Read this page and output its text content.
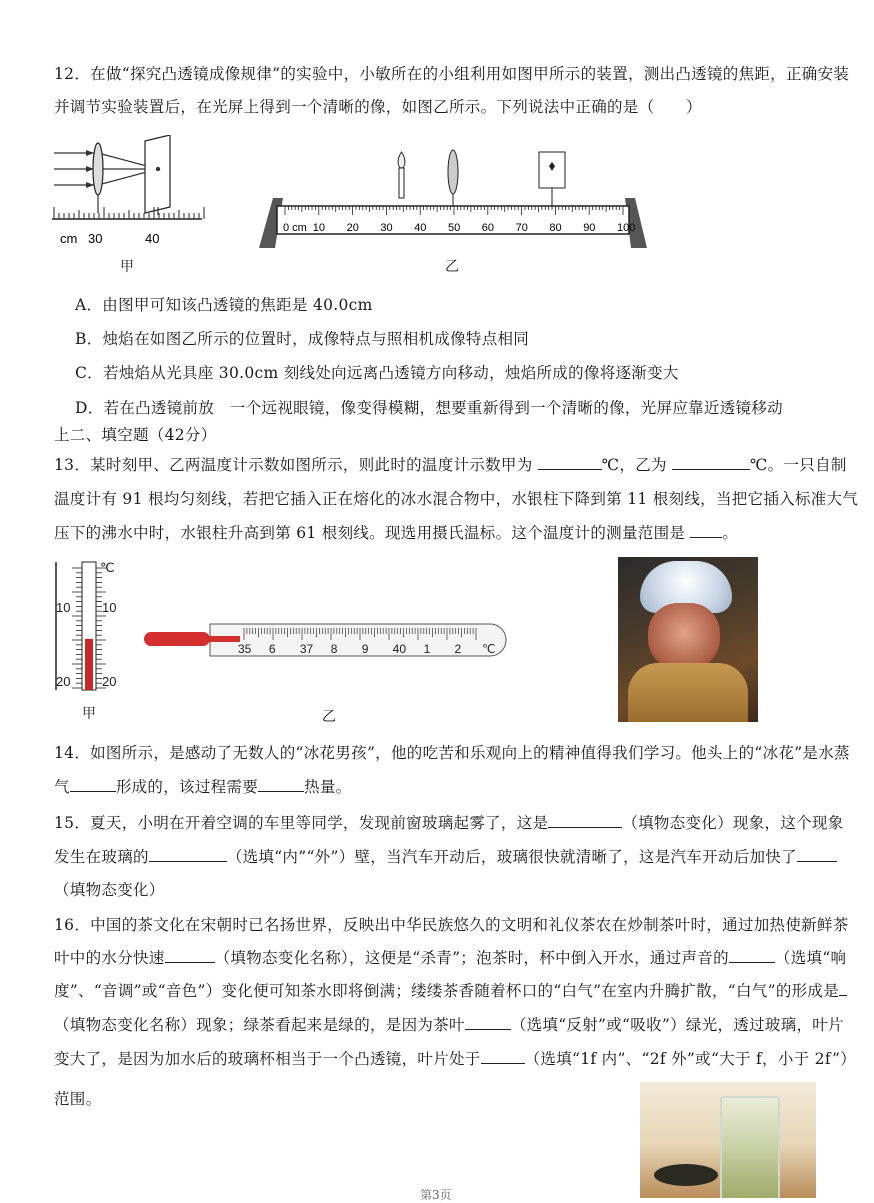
12．在做“探究凸透镜成像规律”的实验中，小敏所在的小组利用如图甲所示的装置，测出凸透镜的焦距，正确安装
并调节实验装置后，在光屏上得到一个清晰的像，如图乙所示。下列说法中正确的是（　　）
cm 30	40
甲
0 cm 10 20 30 40 50 60 70 80 90 100
乙
A．由图甲可知该凸透镜的焦距是 40.0cm
B．烛焰在如图乙所示的位置时，成像特点与照相机成像特点相同
C．若烛焰从光具座 30.0cm 刻线处向远离凸透镜方向移动，烛焰所成的像将逐渐变大
D．若在凸透镜前放　一个远视眼镜，像变得模糊，想要重新得到一个清晰的像，光屏应靠近透镜移动
上二、填空题（42分）
13．某时刻甲、乙两温度计示数如图所示，则此时的温度计示数甲为	℃，乙为	℃。一只自制
温度计有 91 根均匀刻线，若把它插入正在熔化的冰水混合物中，水银柱下降到第 11 根刻线，当把它插入标准大气
压下的沸水中时，水银柱升高到第 61 根刻线。现选用摄氏温标。这个温度计的测量范围是 。
℃
10 10
20 20
甲
35 6 37 8 9 40 1 2 ℃
乙
14．如图所示，是感动了无数人的“冰花男孩”，他的吃苦和乐观向上的精神值得我们学习。他头上的“冰花”是水蒸
气	形成的，该过程需要	热量。
15．夏天，小明在开着空调的车里等同学，发现前窗玻璃起雾了，这是	（填物态变化）现象，这个现象
发生在玻璃的	（选填“内”“外”）壁，当汽车开动后，玻璃很快就清晰了，这是汽车开动后加快了
（填物态变化）
16．中国的茶文化在宋朝时已名扬世界，反映出中华民族悠久的文明和礼仪茶农在炒制茶叶时，通过加热使新鲜茶
叶中的水分快速	（填物态变化名称），这便是“杀青”；泡茶时，杯中倒入开水，通过声音的	（选填“响
度”、“音调”或“音色”）变化便可知茶水即将倒满；缕缕茶香随着杯口的“白气”在室内升腾扩散，“白气”的形成是
（填物态变化名称）现象；绿茶看起来是绿的，是因为茶叶	（选填“反射”或“吸收”）绿光，透过玻璃，叶片
变大了，是因为加水后的玻璃杯相当于一个凸透镜，叶片处于	（选填“1f 内”、“2f 外”或“大于 f，小于 2f”）
范围。
第3页
